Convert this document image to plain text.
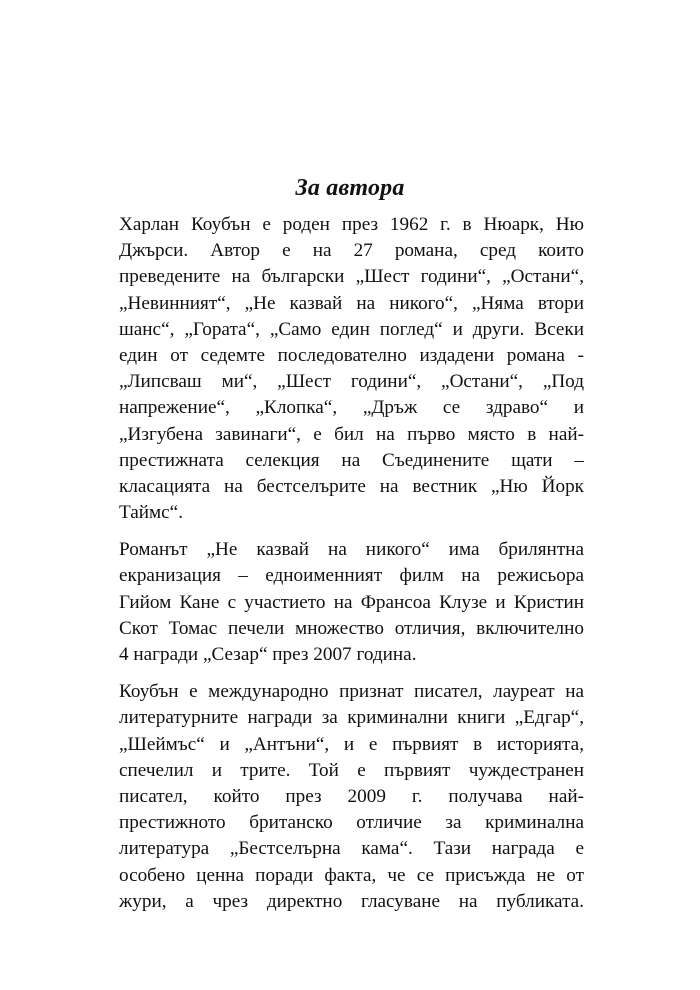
За автора
Харлан Коубън е роден през 1962 г. в Нюарк, Ню
Джърси. Автор е на 27 романа, сред които
преведените на български „Шест години“, „Остани“,
„Невинният“, „Не казвай на никого“, „Няма втори
шанс“, „Гората“, „Само един поглед“ и други. Всеки
един от седемте последователно издадени романа -
„Липсваш ми“, „Шест години“, „Остани“, „Под
напрежение“, „Клопка“, „Дръж се здраво“ и
„Изгубена завинаги“, е бил на първо място в най-
престижната селекция на Съединените щати –
класацията на бестселърите на вестник „Ню Йорк
Таймс“.
Романът „Не казвай на никого“ има брилянтна
екранизация – едноименният филм на режисьора
Гийом Кане с участието на Франсоа Клузе и Кристин
Скот Томас печели множество отличия, включително
4 награди „Сезар“ през 2007 година.
Коубън е международно признат писател, лауреат на
литературните награди за криминални книги „Едгар“,
„Шеймъс“ и „Антъни“, и е първият в историята,
спечелил и трите. Той е първият чуждестранен
писател, който през 2009 г. получава най-
престижното британско отличие за криминална
литература „Бестселърна кама“. Тази награда е
особено ценна поради факта, че се присъжда не от
жури, а чрез директно гласуване на публиката.
